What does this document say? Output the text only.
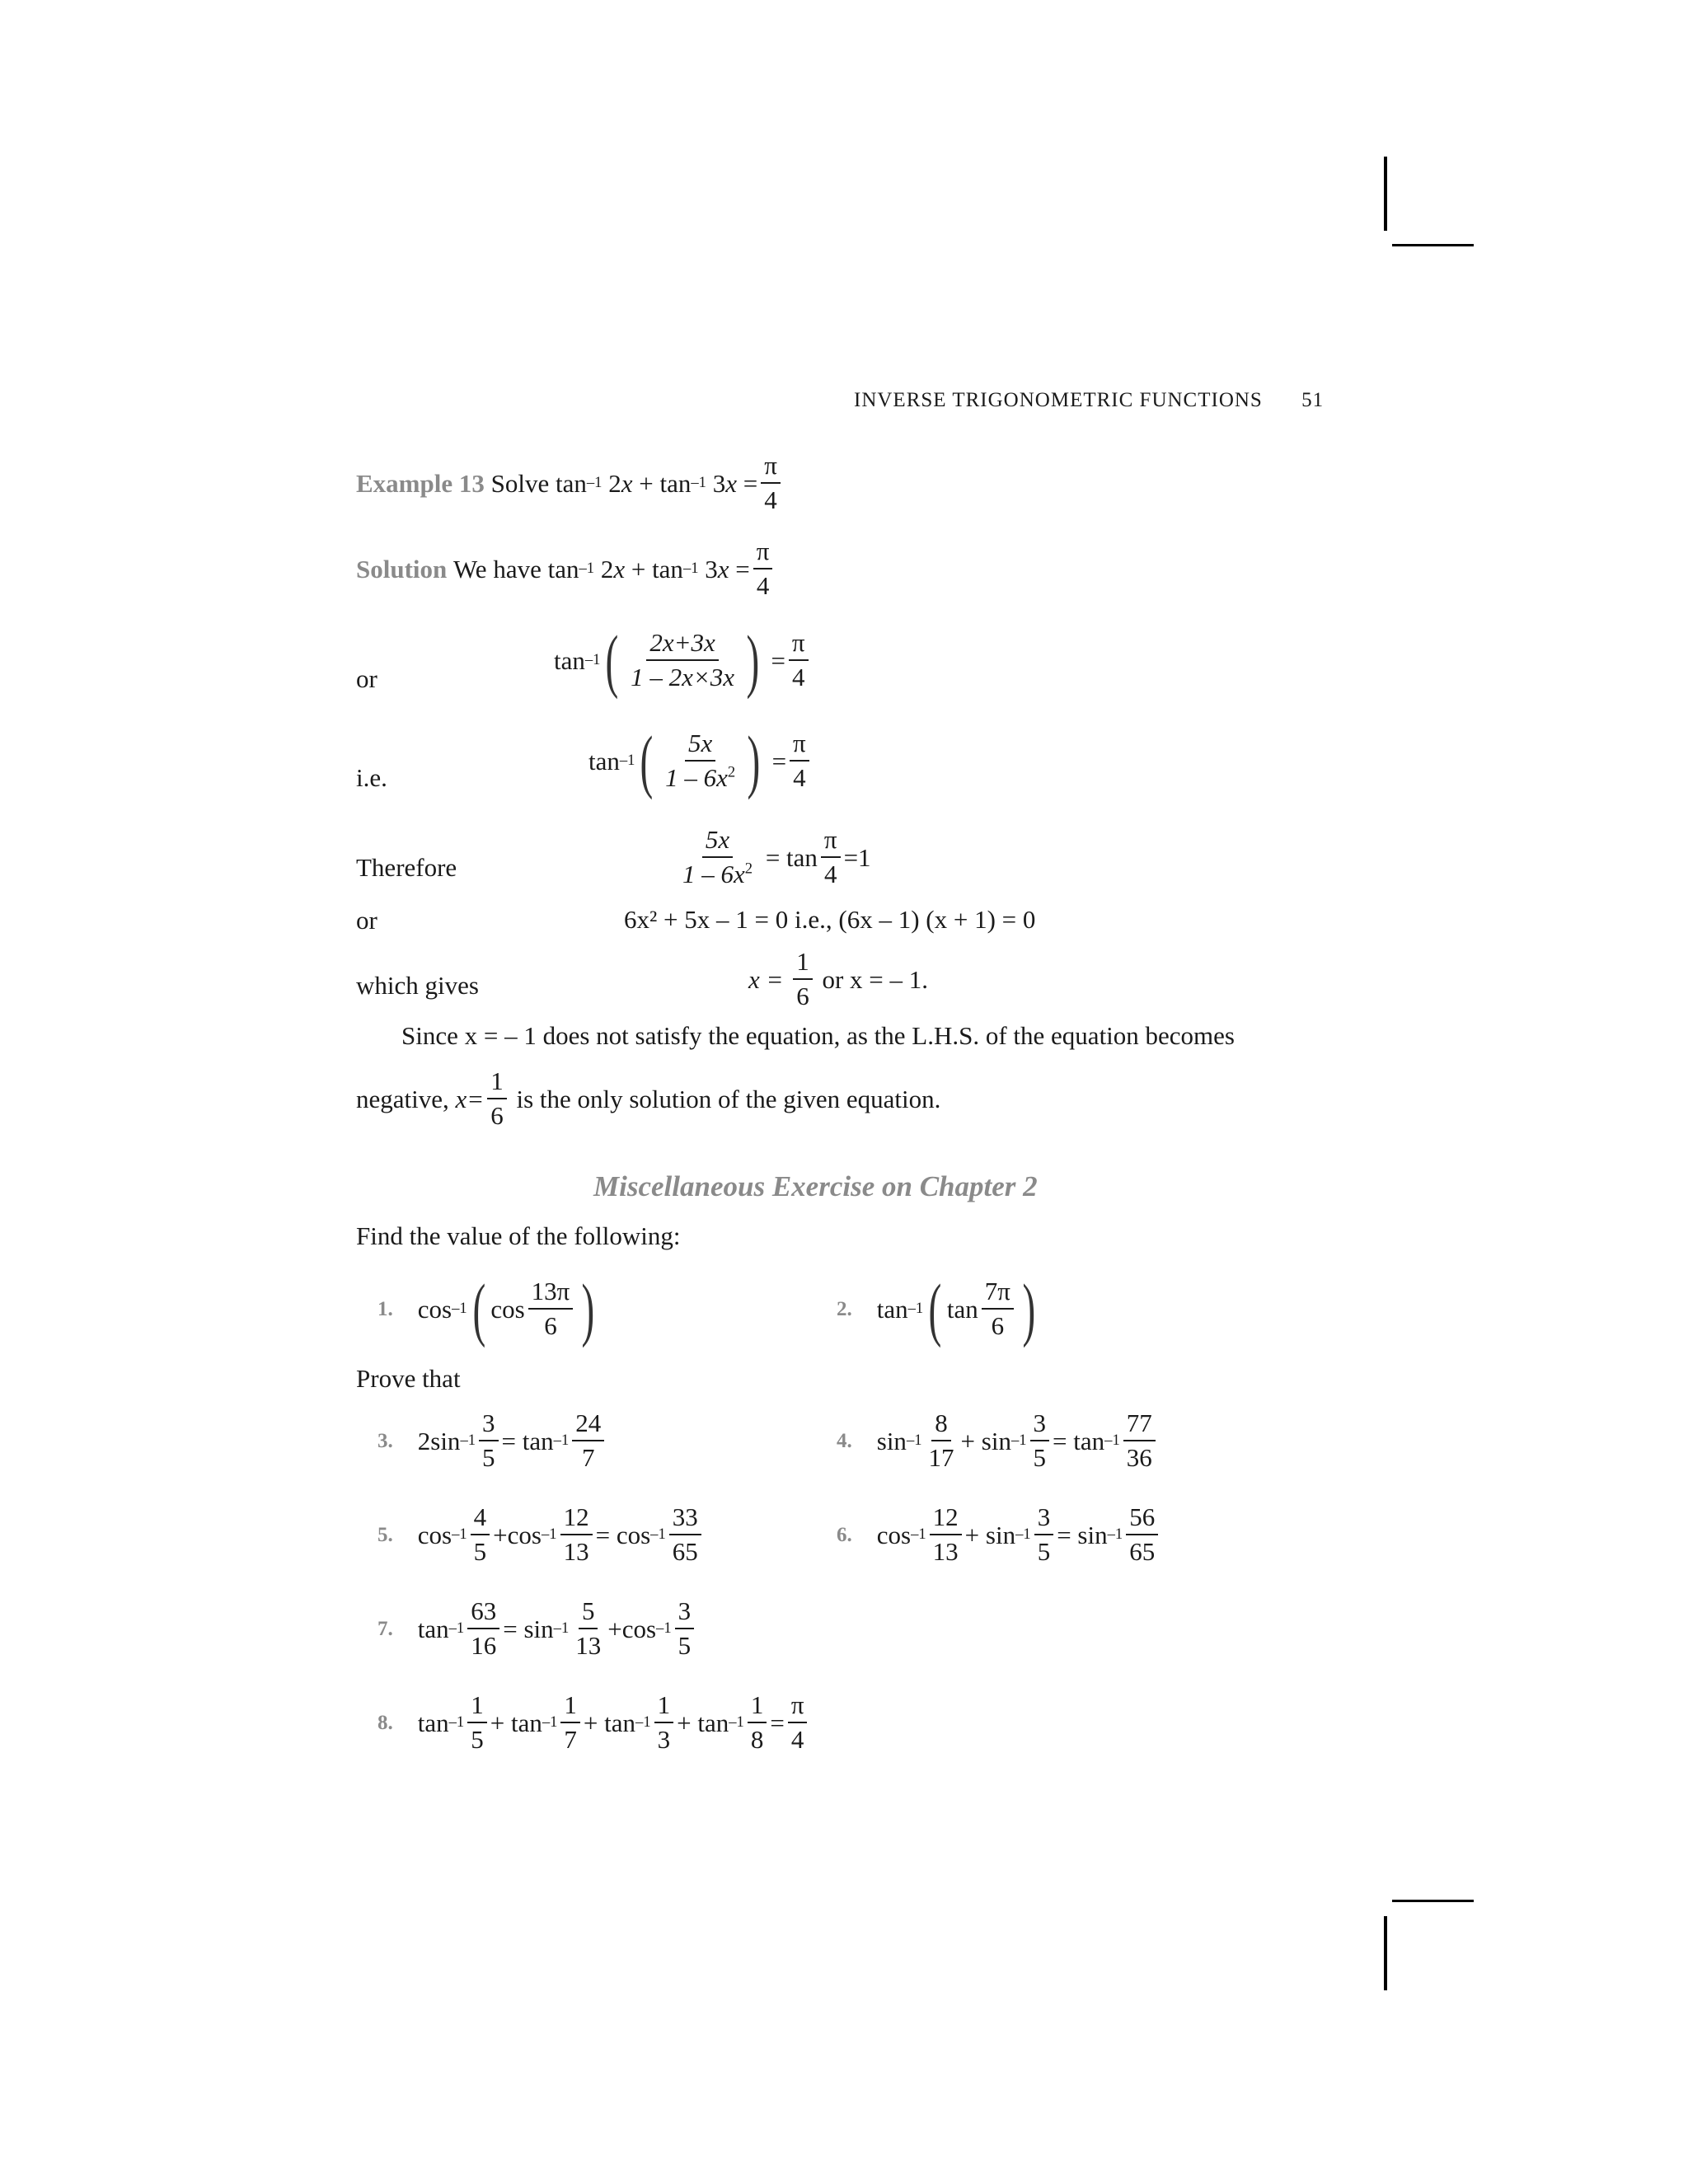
INVERSE TRIGONOMETRIC FUNCTIONS 51
Example 13
Solve
tan –1
2 x
+
tan –1
3 x
= $\frac{\pi}{4}$
Solution
We have
tan –1
2 x
+
tan –1
3 x
= $\frac{\pi}{4}$
or
tan –1 ( $\frac{2x+3x}{1 - 2x\times 3x}$ )
= $\frac{\pi}{4}$
i.e.
tan –1 ( $\frac{5x}{1 - 6x^2}$ )
= $\frac{\pi}{4}$
Therefore	$\frac{5x}{1 - 6x^2}$
=
$\tan \frac{\pi}{4} =1$
or	6x² + 5x – 1 = 0 i.e., (6x – 1) (x + 1) = 0
which gives	x =
$\frac{1}{6}$
or x = – 1.
Since x = – 1 does not satisfy the equation, as the L.H.S. of the equation becomes
negative,
$x= \frac{1}{6}$
is the only solution of the given equation.
Miscellaneous Exercise on Chapter 2
Find the value of the following:
1. cos –1 ( $\cos \frac{13\pi}{6}$ )	2. tan –1 ( $\tan \frac{7\pi}{6}$ )
Prove that
3. 2sin $-1 \frac{3}{5}$ =
$\tan -1 \frac{24}{7}$	4. $\sin -1 \frac{8}{17}$ +
$\sin -1 \frac{3}{5}$ =
$\tan -1 \frac{77}{36}$
5. $\cos -1 \frac{4}{5} + \cos -1 \frac{12}{13}$ =
$\cos -1 \frac{33}{65}$	6. $\cos -1 \frac{12}{13}$ +
$\sin -1 \frac{3}{5}$ =
$\sin -1 \frac{56}{65}$
7. $\tan -1 \frac{63}{16}$ =
$\sin -1 \frac{5}{13} + \cos -1 \frac{3}{5}$
8. $\tan -1 \frac{1}{5}$ +
$\tan -1 \frac{1}{7}$ +
$\tan -1 \frac{1}{3}$ +
$\tan -1 \frac{1}{8} = \frac{\pi}{4}$
